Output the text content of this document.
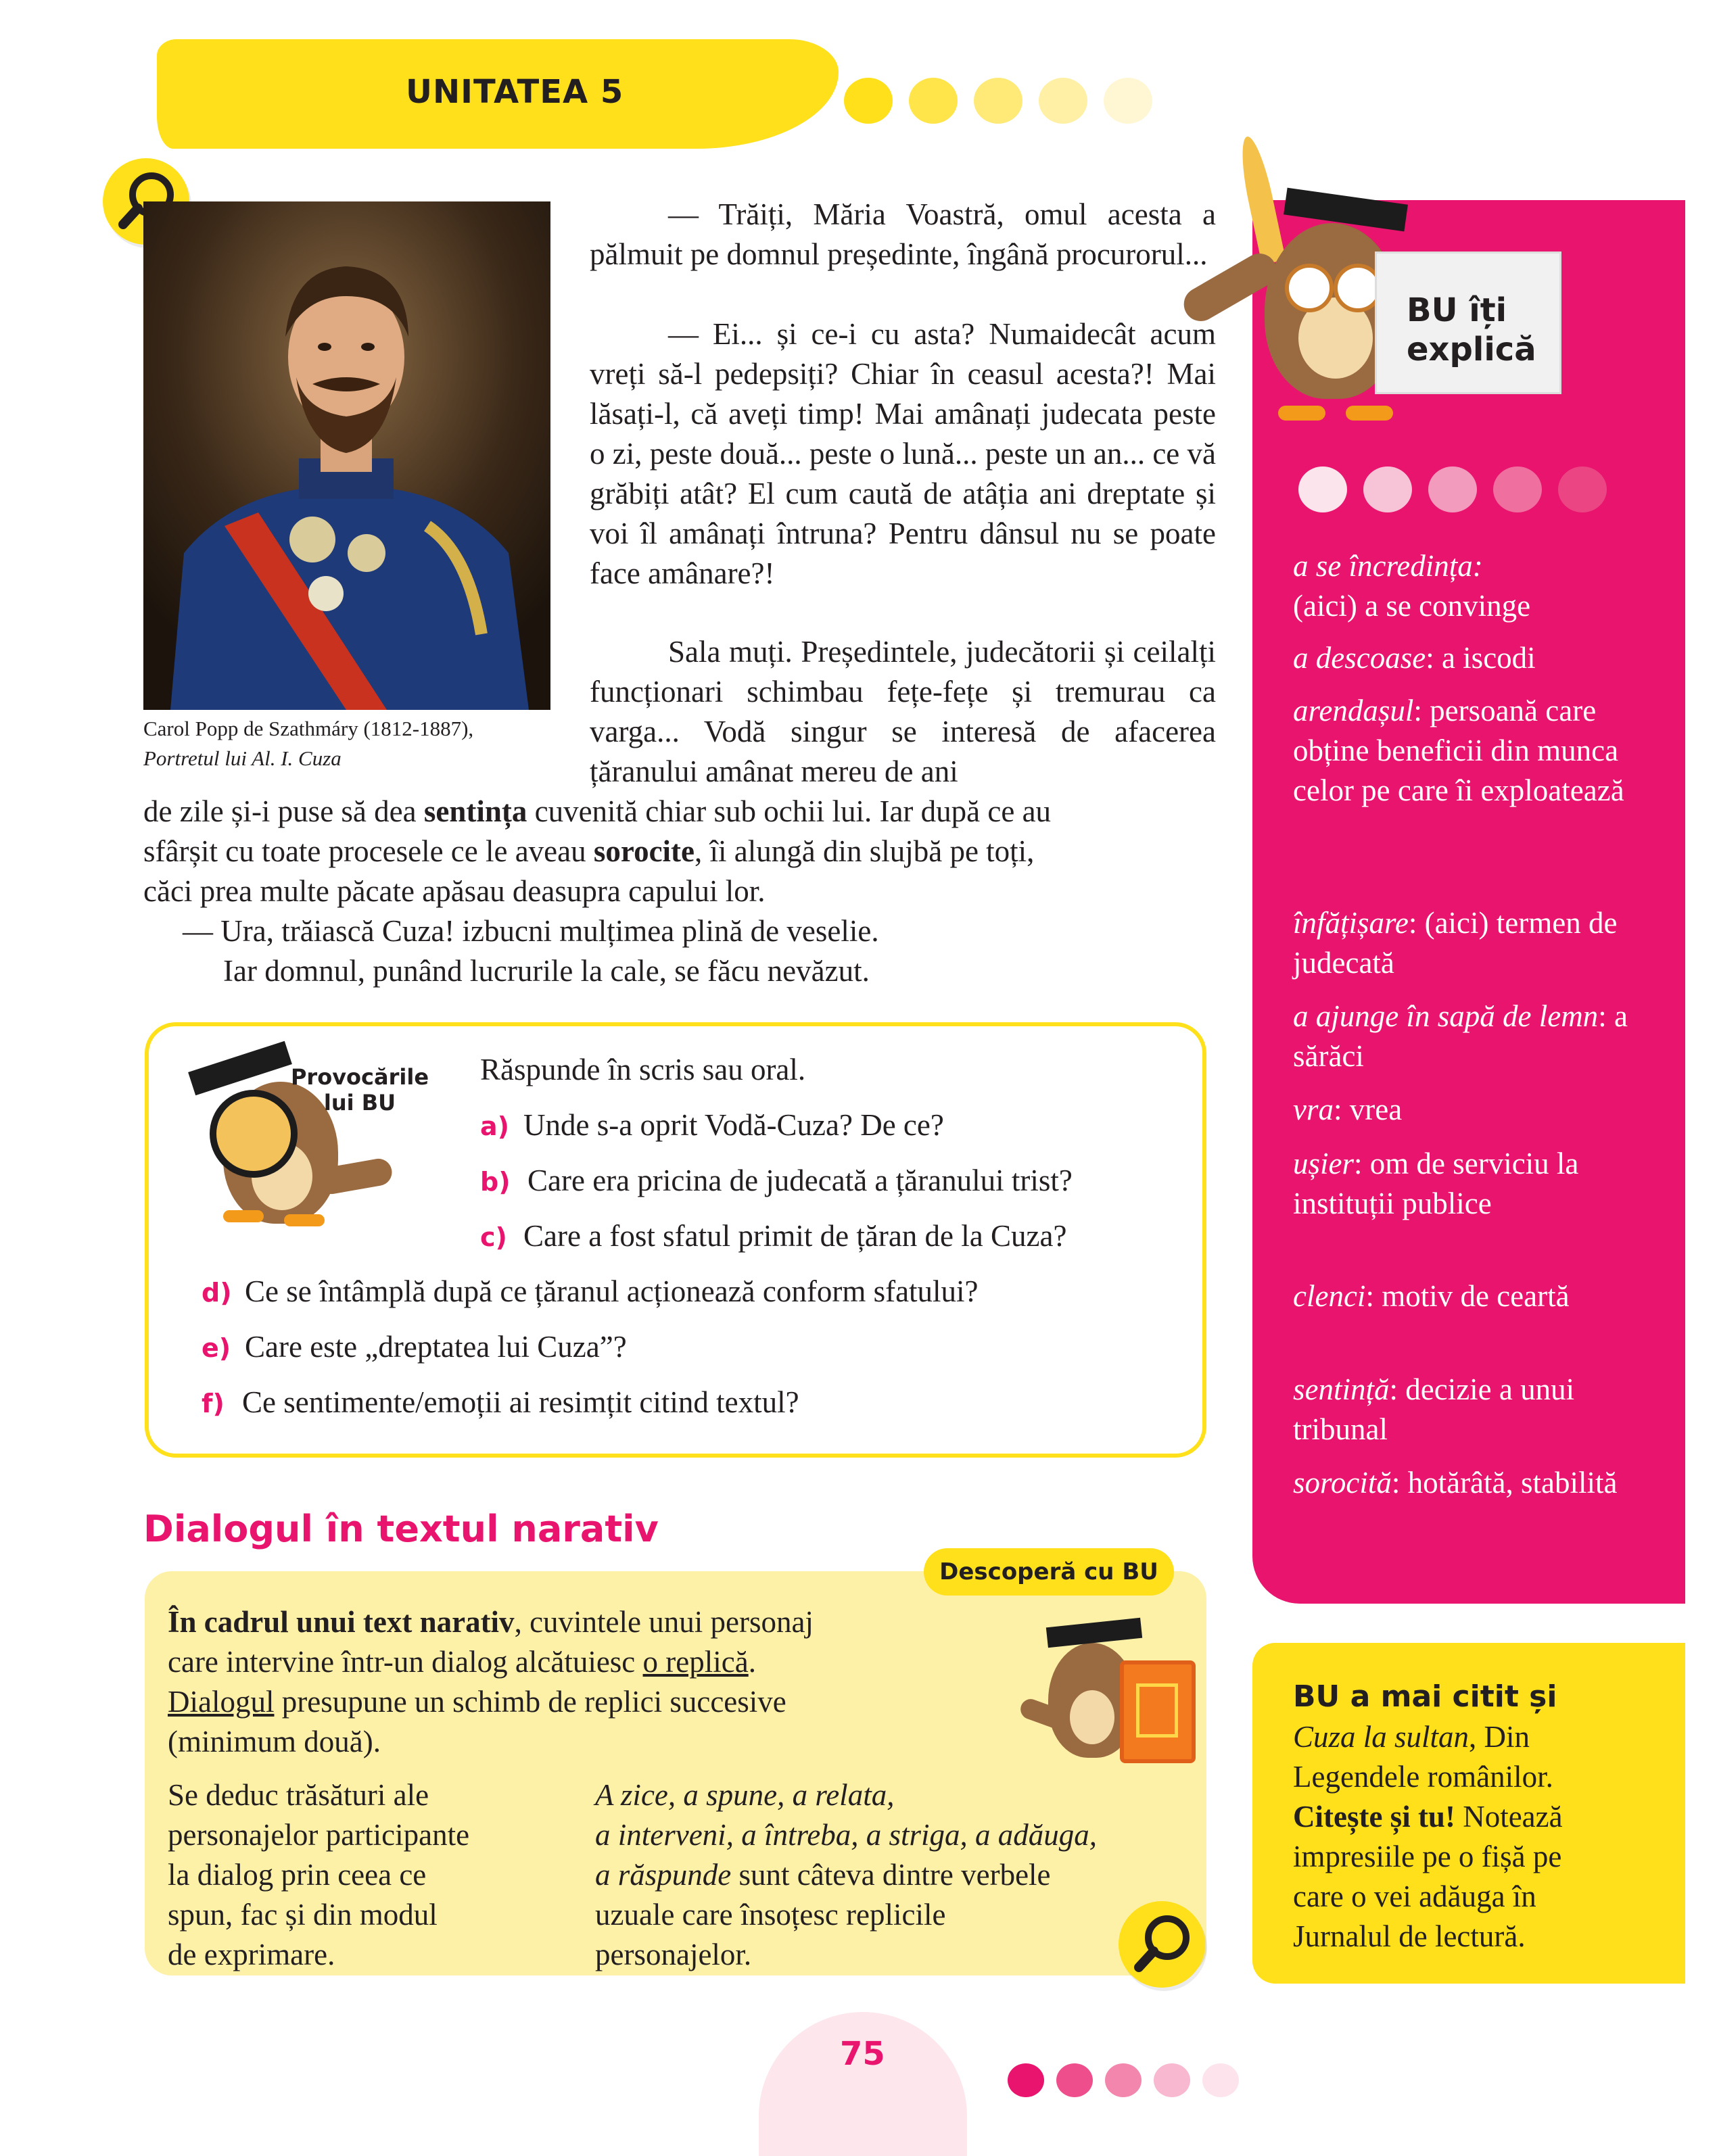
UNITATEA 5
Carol Popp de Szathmáry (1812-1887),
Portretul lui Al. I. Cuza
— Trăiți, Măria Voastră, omul acesta a pălmuit pe domnul președinte, îngână procurorul...
— Ei... și ce-i cu asta? Numaidecât acum vreți să-l pedepsiți? Chiar în ceasul acesta?! Mai lăsați-l, că aveți timp! Mai amânați judecata peste o zi, peste două... peste o lună... peste un an... ce vă grăbiți atât? El cum caută de atâția ani dreptate și voi îl amânați întruna? Pentru dânsul nu se poate face amânare?!
Sala muți. Președintele, judecătorii și ceilalți funcționari schimbau fețe-fețe și tremurau ca varga... Vodă singur se interesă de afacerea țăranului amânat mereu de ani
de zile și-i puse să dea sentința cuvenită chiar sub ochii lui. Iar după ce au
sfârșit cu toate procesele ce le aveau sorocite, îi alungă din slujbă pe toți,
căci prea multe păcate apăsau deasupra capului lor.
— Ura, trăiască Cuza! izbucni mulțimea plină de veselie.
Iar domnul, punând lucrurile la cale, se făcu nevăzut.
Provocările
lui BU
Răspunde în scris sau oral.
a) Unde s-a oprit Vodă-Cuza? De ce?
b) Care era pricina de judecată a țăranului trist?
c) Care a fost sfatul primit de țăran de la Cuza?
d) Ce se întâmplă după ce țăranul acționează conform sfatului?
e) Care este „dreptatea lui Cuza”?
f) Ce sentimente/emoții ai resimțit citind textul?
Dialogul în textul narativ
Descoperă cu BU
În cadrul unui text narativ, cuvintele unui personaj
care intervine într-un dialog alcătuiesc o replică.
Dialogul presupune un schimb de replici succesive
(minimum două).
Se deduc trăsături ale
personajelor participante
la dialog prin ceea ce
spun, fac și din modul
de exprimare.
A zice, a spune, a relata,
a interveni, a întreba, a striga, a adăuga,
a răspunde sunt câteva dintre verbele
uzuale care însoțesc replicile
personajelor.
BU îți
explică
a se încredința:
(aici) a se convinge
a descoase: a iscodi
arendașul: persoană care obține beneficii din munca celor pe care îi exploatează
înfățișare: (aici) termen de judecată
a ajunge în sapă de lemn: a sărăci
vra: vrea
ușier: om de serviciu la instituții publice
clenci: motiv de ceartă
sentință: decizie a unui tribunal
sorocită: hotărâtă, stabilită
BU a mai citit și
Cuza la sultan, Din
Legendele românilor.
Citește și tu! Notează
impresiile pe o fișă pe
care o vei adăuga în
Jurnalul de lectură.
75
